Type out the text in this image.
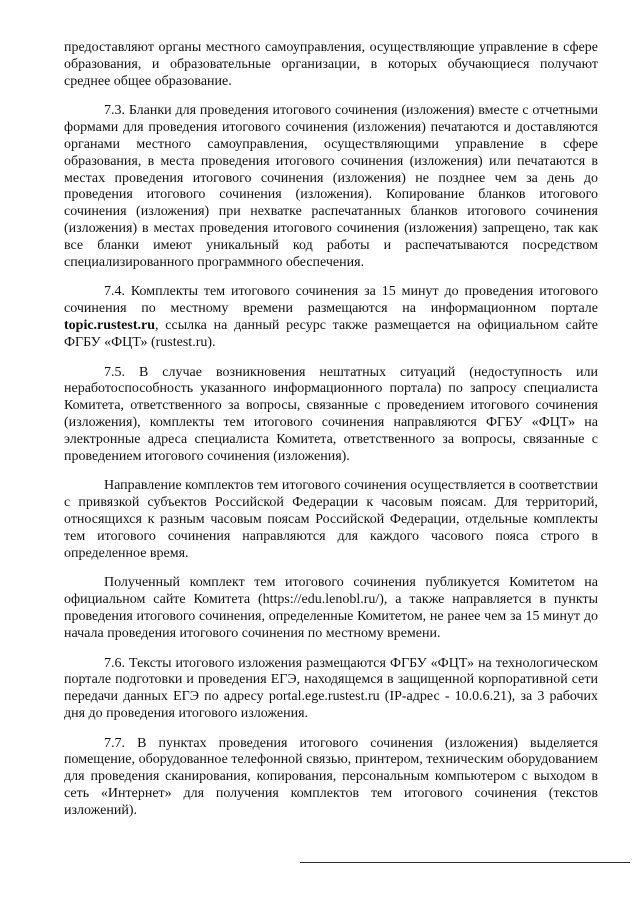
предоставляют органы местного самоуправления, осуществляющие управление в сфере образования, и образовательные организации, в которых обучающиеся получают среднее общее образование.

7.3. Бланки для проведения итогового сочинения (изложения) вместе с отчетными формами для проведения итогового сочинения (изложения) печатаются и доставляются органами местного самоуправления, осуществляющими управление в сфере образования, в места проведения итогового сочинения (изложения) или печатаются в местах проведения итогового сочинения (изложения) не позднее чем за день до проведения итогового сочинения (изложения). Копирование бланков итогового сочинения (изложения) при нехватке распечатанных бланков итогового сочинения (изложения) в местах проведения итогового сочинения (изложения) запрещено, так как все бланки имеют уникальный код работы и распечатываются посредством специализированного программного обеспечения.

7.4. Комплекты тем итогового сочинения за 15 минут до проведения итогового сочинения по местному времени размещаются на информационном портале topic.rustest.ru, ссылка на данный ресурс также размещается на официальном сайте ФГБУ «ФЦТ» (rustest.ru).

7.5. В случае возникновения нештатных ситуаций (недоступность или неработоспособность указанного информационного портала) по запросу специалиста Комитета, ответственного за вопросы, связанные с проведением итогового сочинения (изложения), комплекты тем итогового сочинения направляются ФГБУ «ФЦТ» на электронные адреса специалиста Комитета, ответственного за вопросы, связанные с проведением итогового сочинения (изложения).

Направление комплектов тем итогового сочинения осуществляется в соответствии с привязкой субъектов Российской Федерации к часовым поясам. Для территорий, относящихся к разным часовым поясам Российской Федерации, отдельные комплекты тем итогового сочинения направляются для каждого часового пояса строго в определенное время.

Полученный комплект тем итогового сочинения публикуется Комитетом на официальном сайте Комитета (https://edu.lenobl.ru/), а также направляется в пункты проведения итогового сочинения, определенные Комитетом, не ранее чем за 15 минут до начала проведения итогового сочинения по местному времени.

7.6. Тексты итогового изложения размещаются ФГБУ «ФЦТ» на технологическом портале подготовки и проведения ЕГЭ, находящемся в защищенной корпоративной сети передачи данных ЕГЭ по адресу portal.ege.rustest.ru (IP-адрес - 10.0.6.21), за 3 рабочих дня до проведения итогового изложения.

7.7. В пунктах проведения итогового сочинения (изложения) выделяется помещение, оборудованное телефонной связью, принтером, техническим оборудованием для проведения сканирования, копирования, персональным компьютером с выходом в сеть «Интернет» для получения комплектов тем итогового сочинения (текстов изложений).
